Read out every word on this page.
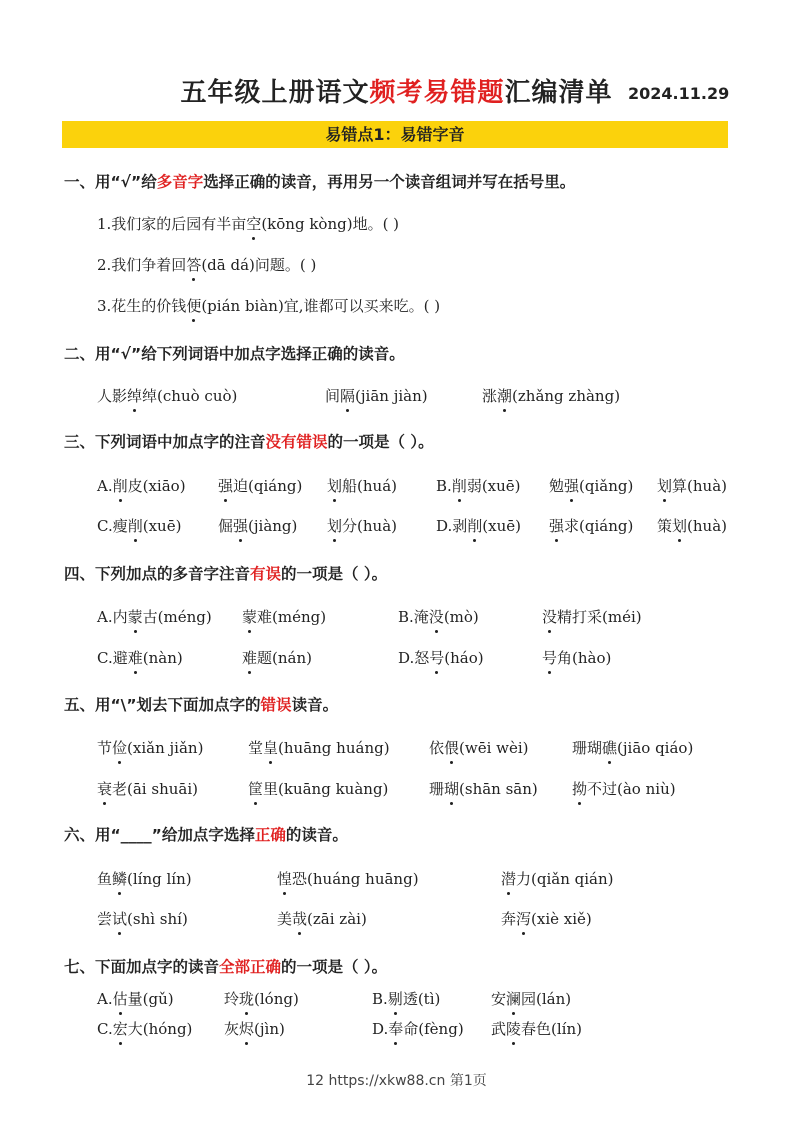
五年级上册语文频考易错题汇编清单 2024.11.29
易错点1：易错字音
一、用“√”给多音字选择正确的读音，再用另一个读音组词并写在括号里。
1.我们家的后园有半亩空(kōng kòng)地。( )
2.我们争着回答(dā dá)问题。( )
3.花生的价钱便(pián biàn)宜,谁都可以买来吃。( )
二、用“√”给下列词语中加点字选择正确的读音。
人影绰绰(chuò cuò)	间隔(jiān jiàn)	涨潮(zhǎng zhàng)
三、下列词语中加点字的注音没有错误的一项是（ ）。
A.削皮(xiāo) 强迫(qiáng) 划船(huá)	B.削弱(xuē) 勉强(qiǎng) 划算(huà)
C.瘦削(xuē) 倔强(jiàng) 划分(huà)	D.剥削(xuē) 强求(qiáng) 策划(huà)
四、下列加点的多音字注音有误的一项是（ ）。
A.内蒙古(méng) 蒙难(méng)	B.淹没(mò)	没精打采(méi)
C.避难(nàn)	难题(nán)	D.怒号(háo)	号角(hào)
五、用“\”划去下面加点字的错误读音。
节俭(xiǎn jiǎn)	堂皇(huāng huáng)	依偎(wēi wèi)	珊瑚礁(jiāo qiáo)
衰老(āi shuāi)	筐里(kuāng kuàng)	珊瑚(shān sān) 拗不过(ào niù)
六、用“____”给加点字选择正确的读音。
鱼鳞(líng lín)	惶恐(huáng huāng)	潜力(qiǎn qián)
尝试(shì shí)	美哉(zāi zài)	奔泻(xiè xiě)
七、下面加点字的读音全部正确的一项是（ ）。
A.估量(gǔ)	玲珑(lóng)	B.剔透(tì)	安澜园(lán)
C.宏大(hóng) 灰烬(jìn)	D.奉命(fèng) 武陵春色(lín)
12 https://xkw88.cn 第1页
